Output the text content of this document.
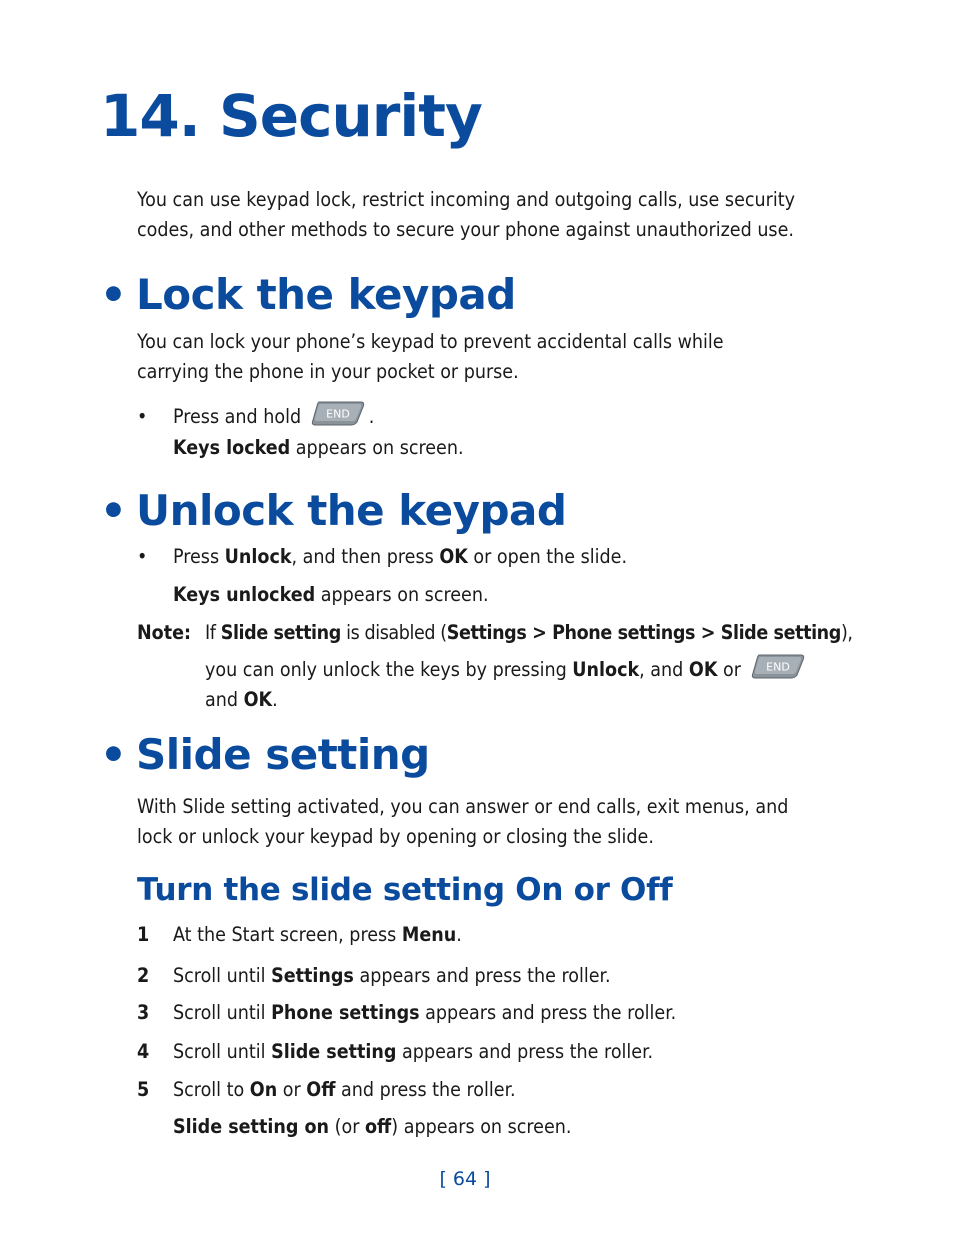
14. Security

You can use keypad lock, restrict incoming and outgoing calls, use security

codes, and other methods to secure your phone against unauthorized use.

• Lock the keypad

You can lock your phone’s keypad to prevent accidental calls while

carrying the phone in your pocket or purse.

• Press and hold END .
Keys locked appears on screen.
• Unlock the keypad
• Press Unlock, and then press OK or open the slide.
Keys unlocked appears on screen.
Note: If Slide setting is disabled (Settings > Phone settings > Slide setting),

you can only unlock the keys by pressing Unlock, and OK or END

and OK.

• Slide setting

With Slide setting activated, you can answer or end calls, exit menus, and

lock or unlock your keypad by opening or closing the slide.

Turn the slide setting On or Off
1 At the Start screen, press Menu.
2 Scroll until Settings appears and press the roller.
3 Scroll until Phone settings appears and press the roller.
4 Scroll until Slide setting appears and press the roller.
5 Scroll to On or Off and press the roller.
Slide setting on (or off) appears on screen.
[ 64 ]
